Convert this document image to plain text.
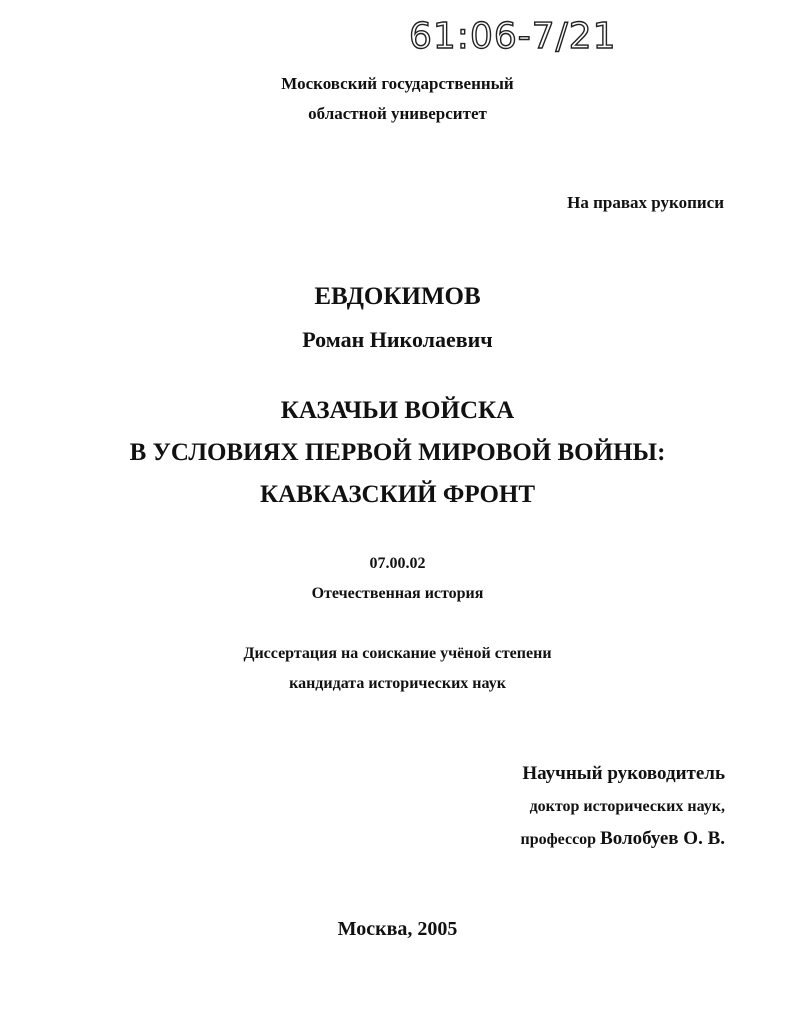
61:06-7/21
Московский государственный
областной университет
На правах рукописи
ЕВДОКИМОВ
Роман Николаевич
КАЗАЧЬИ ВОЙСКА
В УСЛОВИЯХ ПЕРВОЙ МИРОВОЙ ВОЙНЫ:
КАВКАЗСКИЙ ФРОНТ
07.00.02
Отечественная история
Диссертация на соискание учёной степени
кандидата исторических наук
Научный руководитель
доктор исторических наук,
профессор Волобуев О. В.
Москва, 2005
